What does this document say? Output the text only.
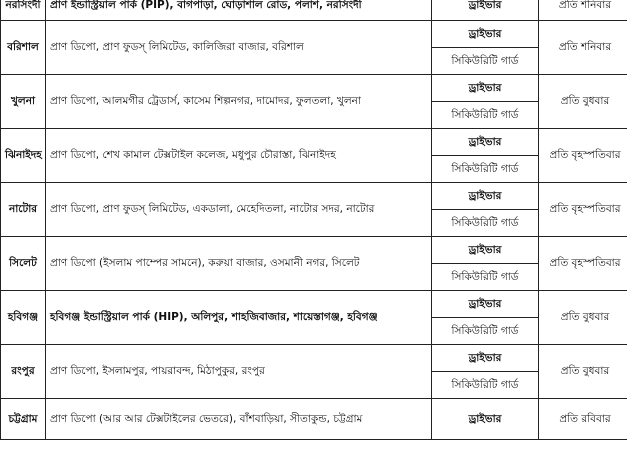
নরসিংদী	প্রাণ ইন্ডাস্ট্রিয়াল পার্ক (PIP), বাগপাড়া, ঘোড়াশাল রোড, পলাশ, নরসিংদী	ড্রাইভার	প্রতি শনিবার
বরিশাল	প্রাণ ডিপো, প্রাণ ফুডস্ লিমিটেড, কালিজিরা বাজার, বরিশাল	ড্রাইভার	প্রতি শনিবার
		সিকিউরিটি গার্ড	
খুলনা	প্রাণ ডিপো, আলমগীর ট্রেডার্স, কাসেম শিল্পনগর, দামোদর, ফুলতলা, খুলনা	ড্রাইভার	প্রতি বুধবার
		সিকিউরিটি গার্ড	
ঝিনাইদহ	প্রাণ ডিপো, শেখ কামাল টেক্সটাইল কলেজ, মধুপুর চৌরাস্তা, ঝিনাইদহ	ড্রাইভার	প্রতি বৃহস্পতিবার
		সিকিউরিটি গার্ড	
নাটোর	প্রাণ ডিপো, প্রাণ ফুডস্ লিমিটেড, একডালা, মেহেদিতলা, নাটোর সদর, নাটোর	ড্রাইভার	প্রতি বৃহস্পতিবার
		সিকিউরিটি গার্ড	
সিলেট	প্রাণ ডিপো (ইসলাম পাম্পের সামনে), করুয়া বাজার, ওসমানী নগর, সিলেট	ড্রাইভার	প্রতি বৃহস্পতিবার
		সিকিউরিটি গার্ড	
হবিগঞ্জ	হবিগঞ্জ ইন্ডাস্ট্রিয়াল পার্ক (HIP), অলিপুর, শাহজিবাজার, শায়েস্তাগঞ্জ, হবিগঞ্জ	ড্রাইভার	প্রতি বুধবার
		সিকিউরিটি গার্ড	
রংপুর	প্রাণ ডিপো, ইসলামপুর, পায়রাবন্দ, মিঠাপুকুর, রংপুর	ড্রাইভার	প্রতি বুধবার
		সিকিউরিটি গার্ড	
চট্টগ্রাম	প্রাণ ডিপো (আর আর টেক্সটাইলের ভেতরে), বাঁশবাড়িয়া, সীতাকুন্ড, চট্টগ্রাম	ড্রাইভার	প্রতি রবিবার
